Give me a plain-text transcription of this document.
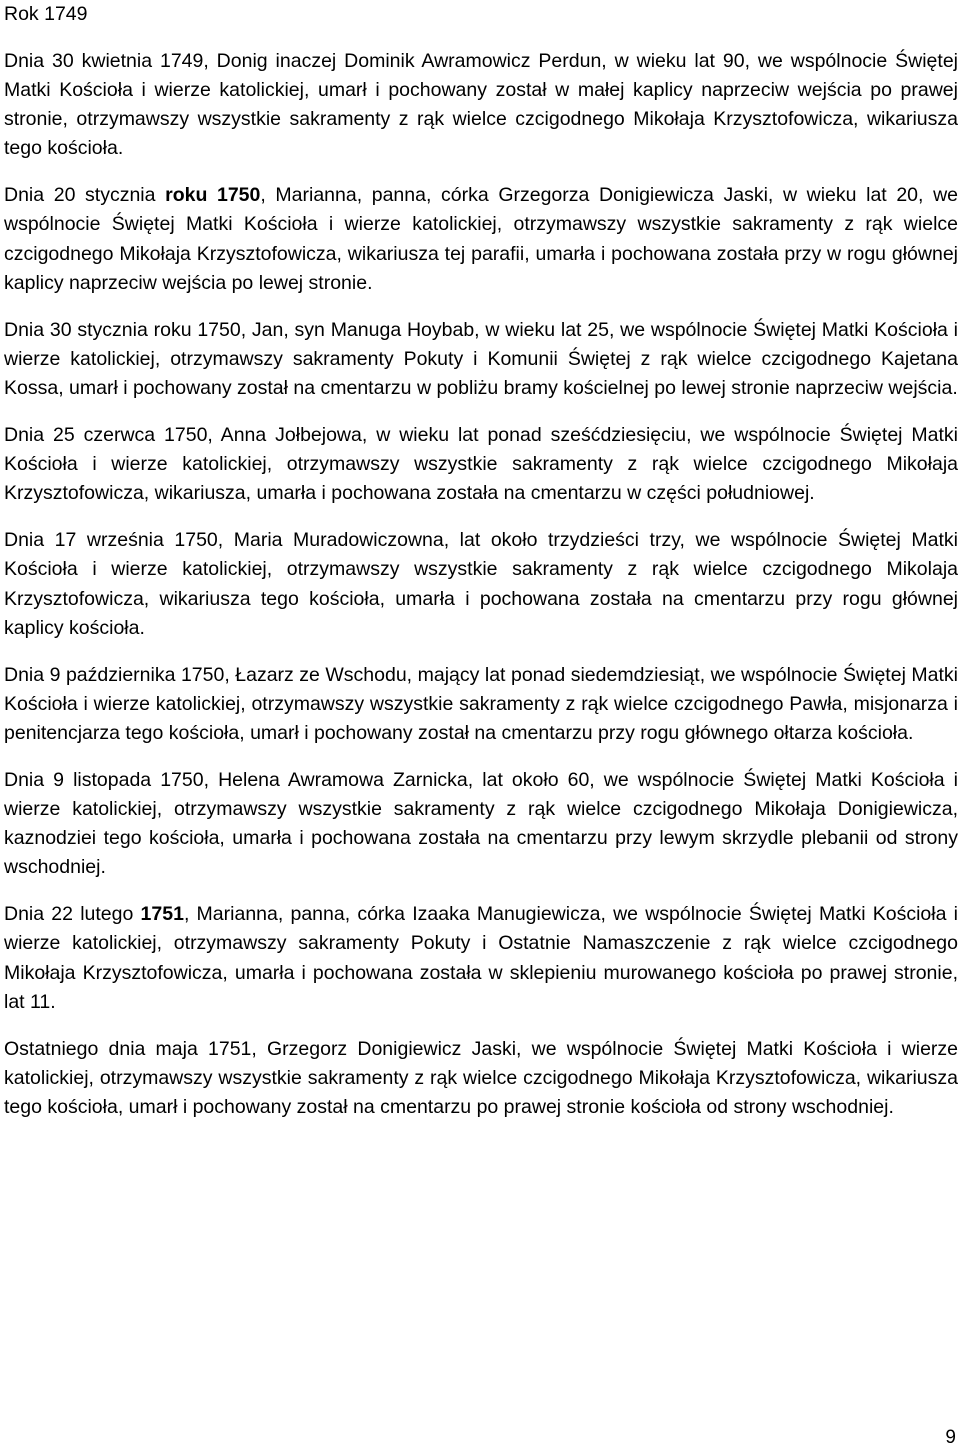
Rok 1749

Dnia 30 kwietnia 1749, Donig inaczej Dominik Awramowicz Perdun, w wieku lat 90, we wspólnocie Świętej Matki Kościoła i wierze katolickiej, umarł i pochowany został w małej kaplicy naprzeciw wejścia po prawej stronie, otrzymawszy wszystkie sakramenty z rąk wielce czcigodnego Mikołaja Krzysztofowicza, wikariusza tego kościoła.

Dnia 20 stycznia roku 1750, Marianna, panna, córka Grzegorza Donigiewicza Jaski, w wieku lat 20, we wspólnocie Świętej Matki Kościoła i wierze katolickiej, otrzymawszy wszystkie sakramenty z rąk wielce czcigodnego Mikołaja Krzysztofowicza, wikariusza tej parafii, umarła i pochowana została przy w rogu głównej kaplicy naprzeciw wejścia po lewej stronie.

Dnia 30 stycznia roku 1750, Jan, syn Manuga Hoybab, w wieku lat 25, we wspólnocie Świętej Matki Kościoła i wierze katolickiej, otrzymawszy sakramenty Pokuty i Komunii Świętej z rąk wielce czcigodnego Kajetana Kossa, umarł i pochowany został na cmentarzu w pobliżu bramy kościelnej po lewej stronie naprzeciw wejścia.

Dnia 25 czerwca 1750, Anna Jołbejowa, w wieku lat ponad sześćdziesięciu, we wspólnocie Świętej Matki Kościoła i wierze katolickiej, otrzymawszy wszystkie sakramenty z rąk wielce czcigodnego Mikołaja Krzysztofowicza, wikariusza, umarła i pochowana została na cmentarzu w części południowej.

Dnia 17 września 1750, Maria Muradowiczowna, lat około trzydzieści trzy, we wspólnocie Świętej Matki Kościoła i wierze katolickiej, otrzymawszy wszystkie sakramenty z rąk wielce czcigodnego Mikolaja Krzysztofowicza, wikariusza tego kościoła, umarła i pochowana została na cmentarzu przy rogu głównej kaplicy kościoła.

Dnia 9 października 1750, Łazarz ze Wschodu, mający lat ponad siedemdziesiąt, we wspólnocie Świętej Matki Kościoła i wierze katolickiej, otrzymawszy wszystkie sakramenty z rąk wielce czcigodnego Pawła, misjonarza i penitencjarza tego kościoła, umarł i pochowany został na cmentarzu przy rogu głównego ołtarza kościoła.

Dnia 9 listopada 1750, Helena Awramowa Zarnicka, lat około 60, we wspólnocie Świętej Matki Kościoła i wierze katolickiej, otrzymawszy wszystkie sakramenty z rąk wielce czcigodnego Mikołaja Donigiewicza, kaznodziei tego kościoła, umarła i pochowana została na cmentarzu przy lewym skrzydle plebanii od strony wschodniej.

Dnia 22 lutego 1751, Marianna, panna, córka Izaaka Manugiewicza, we wspólnocie Świętej Matki Kościoła i wierze katolickiej, otrzymawszy sakramenty Pokuty i Ostatnie Namaszczenie z rąk wielce czcigodnego Mikołaja Krzysztofowicza, umarła i pochowana została w sklepieniu murowanego kościoła po prawej stronie, lat 11.

Ostatniego dnia maja 1751, Grzegorz Donigiewicz Jaski, we wspólnocie Świętej Matki Kościoła i wierze katolickiej, otrzymawszy wszystkie sakramenty z rąk wielce czcigodnego Mikołaja Krzysztofowicza, wikariusza tego kościoła, umarł i pochowany został na cmentarzu po prawej stronie kościoła od strony wschodniej.

9
